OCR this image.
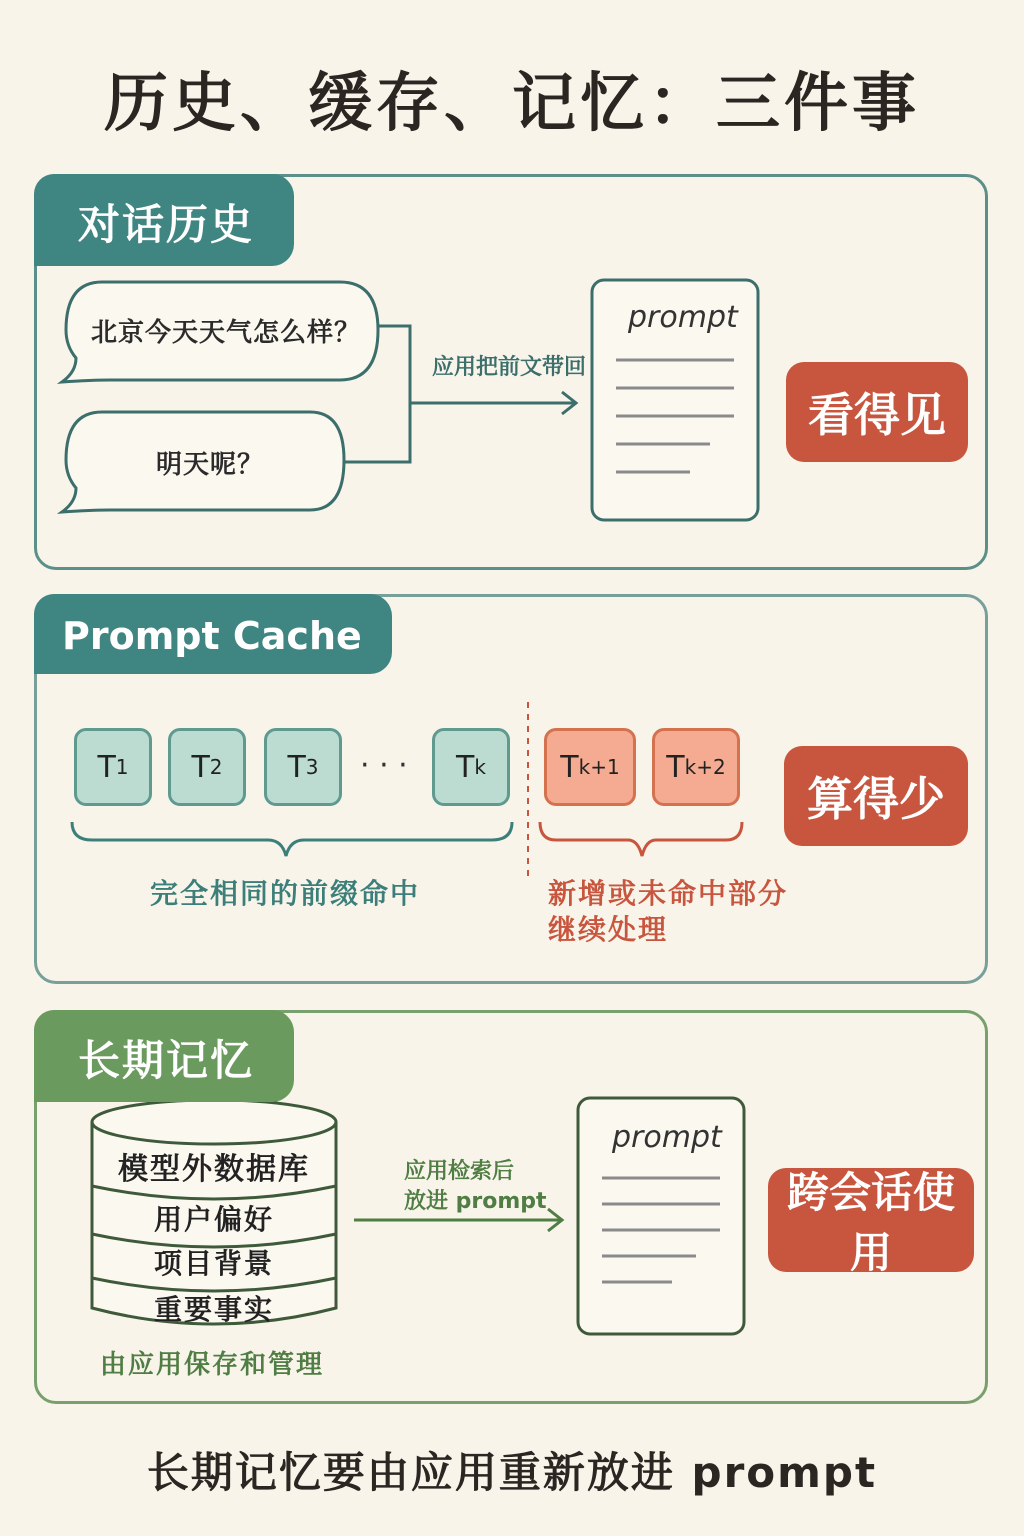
历史、缓存、记忆：三件事
对话历史
北京今天天气怎么样？
明天呢？
应用把前文带回
prompt
看得见
Prompt Cache
T 1 T 2 T 3 · · · T k T k+1 T k+2
完全相同的前缀命中	新增或未命中部分
继续处理
算得少
长期记忆
模型外数据库
用户偏好
项目背景
重要事实
由应用保存和管理
应用检索后
放进 prompt
prompt
跨会话使用
长期记忆要由应用重新放进 prompt
